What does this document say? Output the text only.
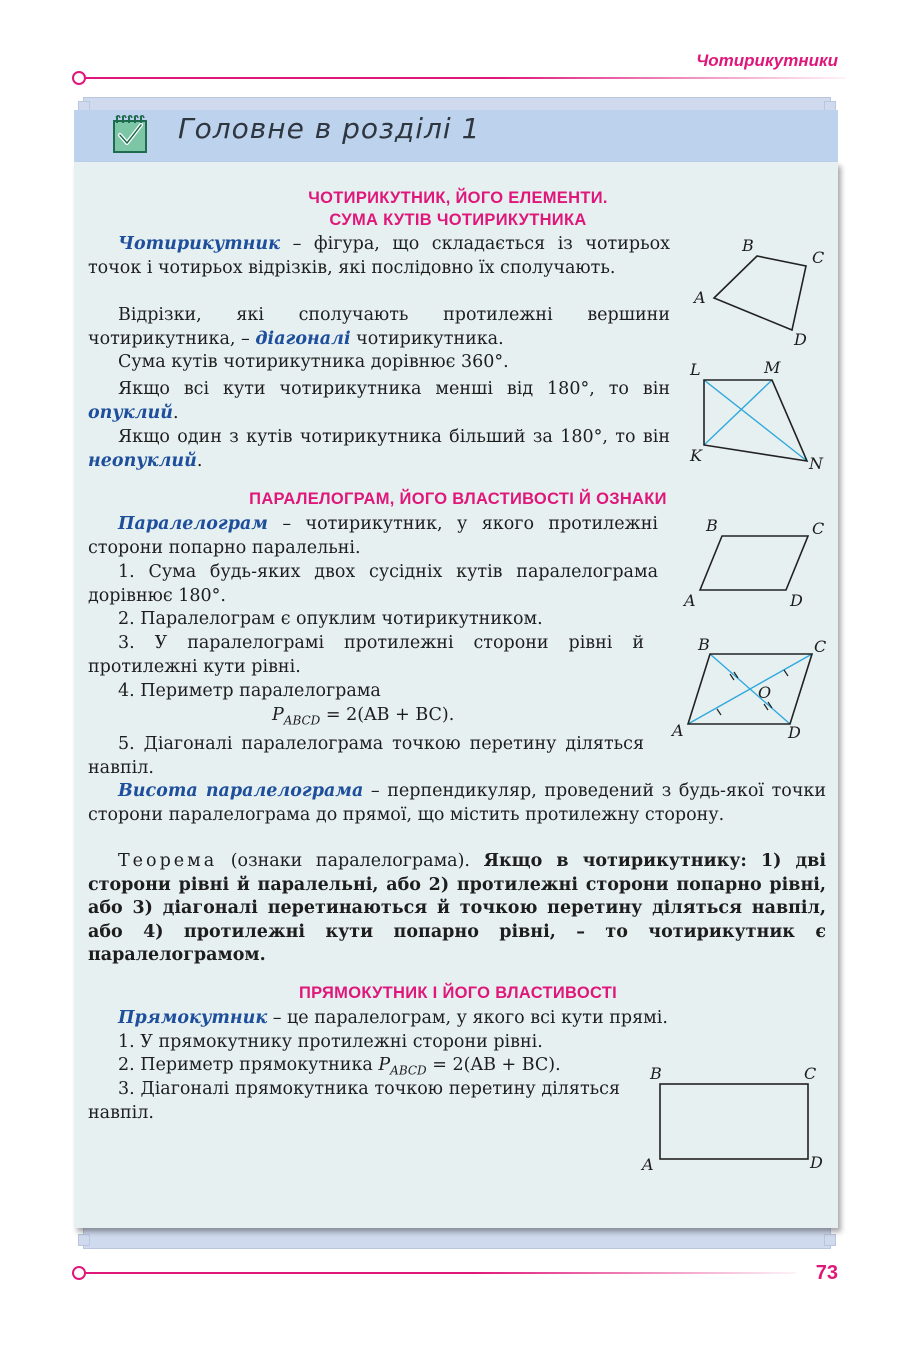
Чотирикутники
Головне в розділі 1
ЧОТИРИКУТНИК, ЙОГО ЕЛЕМЕНТИ.
СУМА КУТІВ ЧОТИРИКУТНИКА
Чотирикутник – фігура, що складається із чотирьох точок і чотирьох відрізків, які послідовно їх сполучають.
Відрізки, які сполучають протилежні вершини чотирикутника, – діагоналі чотирикутника.
Сума кутів чотирикутника дорівнює 360°.
Якщо всі кути чотирикутника менші від 180°, то він опуклий.
Якщо один з кутів чотирикутника більший за 180°, то він неопуклий.
A
B
C
D
L	M
N
K
ПАРАЛЕЛОГРАМ, ЙОГО ВЛАСТИВОСТІ Й ОЗНАКИ
Паралелограм – чотирикутник, у якого протилежні сторони попарно паралельні.
1. Сума будь-яких двох сусідніх кутів паралелограма дорівнює 180°.
2. Паралелограм є опуклим чотирикутником.
3. У паралелограмі протилежні сторони рівні й протилежні кути рівні.
4. Периметр паралелограма
$P_{ABCD} = 2(AB + BC)$.
5. Діагоналі паралелограма точкою перетину діляться навпіл.
Висота паралелограма – перпендикуляр, проведений з будь-якої точки сторони паралелограма до прямої, що містить протилежну сторону.
Теорема (ознаки паралелограма). Якщо в чотирикутнику: 1) дві сторони рівні й паралельні, або 2) протилежні сторони попарно рівні, або 3) діагоналі перетинаються й точкою перетину діляться навпіл, або 4) протилежні кути попарно рівні, – то чотирикутник є паралелограмом.
A
B	C
D
A
B	C
D
O
ПРЯМОКУТНИК І ЙОГО ВЛАСТИВОСТІ
Прямокутник – це паралелограм, у якого всі кути прямі.
1. У прямокутнику протилежні сторони рівні.
2. Периметр прямокутника $P_{ABCD} = 2(AB + BC)$.
3. Діагоналі прямокутника точкою перетину діляться навпіл.
B	C
A	D
73
